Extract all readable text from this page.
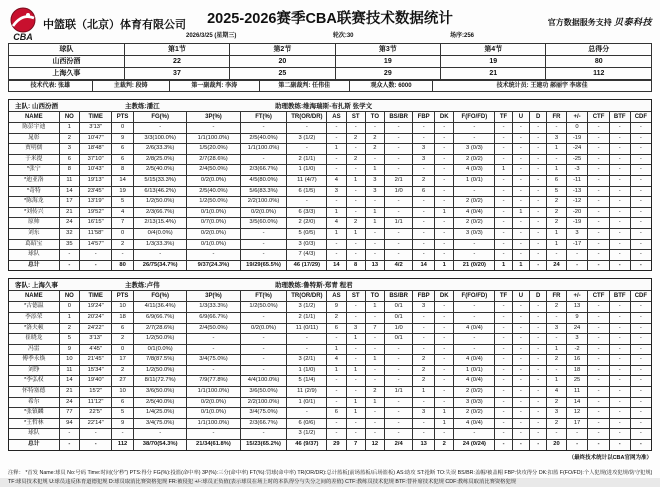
CBA
中篮联（北京）体育有限公司	2025-2026赛季CBA联赛技术数据统计
2026/3/25 (星期三)	轮次:30	场序:256
官方数据服务支持 贝泰科技
球队	第1节	第2节	第3节	第4节	总得分
山西汾酒	22	20	19	19	80
上海久事	37	25	29	21	112
技术代表: 张雄	主裁判: 段铸	第一副裁判: 李涛	第二副裁判: 任伟佳	观众人数: 6000	技术统计员: 王建功 郝丽宇 李席佳
主队: 山西汾酒	主教练:潘江	助理教练:维海瑞斯-布扎斯 张学文
NAME	NO	TIME	PTS	FG(%)	3P(%)	FT(%)	TR(OR/DR)	AS	ST	TO	BS/BR	FBP	DK	F(FO/FD)	TF	U	D	FR	+/-	CTF	BTF	CDF
陈彭宇迪	1	3'13"	0	-	-	-	-	-	-	-	-	-	-	-	-	-	-	-	0	-	-	-
晁彰	2	10'47"	9	3/3(100.0%)	1/1(100.0%)	2/5(40.0%)	3 (1/2)	-	2	2	-	-	-	-	-	-	-	3	-19	-	-	-
贾明儒	3	18'48"	6	2/6(33.3%)	1/5(20.0%)	1/1(100.0%)	-	1	-	2	-	3	-	3 (0/3)	-	-	-	1	-24	-	-	-
于米提	6	37'10"	6	2/8(25.0%)	2/7(28.6%)	-	2 (1/1)	-	2	-	-	3	-	2 (0/2)	-	-	-	-	-25	-	-	-
*张宁	8	10'43"	8	2/5(40.0%)	2/4(50.0%)	2/3(66.7%)	1 (1/0)	-	-	1	-	-	-	4 (0/3)	1	-	-	1	-3	-	-	-
*迪亚洛	11	19'13"	14	5/15(33.3%)	0/2(0.0%)	4/5(80.0%)	11 (4/7)	4	1	3	2/1	2	-	1 (0/1)	-	-	-	6	-11	-	-	-
*奇特	14	23'45"	19	6/13(46.2%)	2/5(40.0%)	5/6(83.3%)	6 (1/5)	3	-	3	1/0	6	-	-	-	-	-	5	-13	-	-	-
*陈海龙	17	13'19"	5	1/2(50.0%)	1/2(50.0%)	2/2(100.0%)	-	-	-	-	-	-	-	2 (0/2)	-	-	-	2	-12	-	-	-
*刘传兴	21	19'52"	4	2/3(66.7%)	0/1(0.0%)	0/2(0.0%)	6 (3/3)	1	-	1	-	-	1	4 (0/4)	-	1	-	2	-20	-	-	-
原帅	24	16'15"	7	2/13(15.4%)	0/7(0.0%)	3/5(60.0%)	2 (2/0)	4	2	1	1/1	-	-	2 (0/2)	-	-	-	2	-19	-	-	-
刘东	32	11'58"	0	0/4(0.0%)	0/2(0.0%)	-	5 (0/5)	1	1	-	-	-	-	3 (0/3)	-	-	-	1	3	-	-	-
葛昭宝	35	14'57"	2	1/3(33.3%)	0/1(0.0%)	-	3 (0/3)	-	-	-	-	-	-	-	-	-	-	1	-17	-	-	-
球队	-	-	-	-	-	-	7 (4/3)	-	-	-	-	-	-	-	-	-	-	-	-	-	-	-
总计	-	-	80	26/75(34.7%)	9/37(24.3%)	19/29(65.5%)	46 (17/29)	14	8	13	4/2	14	1	21 (0/20)	1	1	-	24	-	-	-	-
客队: 上海久事	主教练:卢伟	助理教练:鲁特斯-郑青 程君
NAME	NO	TIME	PTS	FG(%)	3P(%)	FT(%)	TR(OR/DR)	AS	ST	TO	BS/BR	FBP	DK	F(FO/FD)	TF	U	D	FR	+/-	CTF	BTF	CDF
*古德温	0	19'24"	10	4/11(36.4%)	1/3(33.3%)	1/2(50.0%)	3 (1/2)	9	-	1	0/1	3	-	-	-	-	-	2	13	-	-	-
李添荣	1	20'24"	18	6/9(66.7%)	6/9(66.7%)	-	2 (1/1)	2	-	-	0/1	-	-	-	-	-	-	-	9	-	-	-
*洛夫顿	2	24'22"	6	2/7(28.6%)	2/4(50.0%)	0/2(0.0%)	11 (0/11)	6	3	7	1/0	-	-	4 (0/4)	-	-	-	3	24	-	-	-
崔晓龙	5	3'13"	2	1/2(50.0%)	-	-	-	-	1	-	0/1	-	-	-	-	-	-	-	3	-	-	-
冯雷	9	4'45"	0	0/1(0.0%)	-	-	-	1	-	-	-	-	-	-	-	-	-	1	-2	-	-	-
傅季永焕	10	21'45"	17	7/8(87.5%)	3/4(75.0%)	-	3 (2/1)	4	-	1	-	2	-	4 (0/4)	-	-	-	2	16	-	-	-
刘铮	11	15'34"	2	1/2(50.0%)	-	-	1 (1/0)	1	1	-	-	2	-	1 (0/1)	-	-	-	-	18	-	-	-
*李弘权	14	19'40"	27	8/11(72.7%)	7/9(77.8%)	4/4(100.0%)	5 (1/4)	-	-	-	-	2	-	4 (0/4)	-	-	-	1	25	-	-	-
怀特塞德	21	15'2"	10	3/6(50.0%)	1/1(100.0%)	3/6(50.0%)	11 (2/9)	-	-	2	1/1	1	-	2 (0/2)	-	-	-	4	11	-	-	-
希尔	24	11'12"	6	2/5(40.0%)	0/2(0.0%)	2/2(100.0%)	1 (0/1)	-	1	1	-	-	-	3 (0/3)	-	-	-	2	14	-	-	-
*张镇麟	77	22'5"	5	1/4(25.0%)	0/1(0.0%)	3/4(75.0%)	-	6	1	-	-	3	1	2 (0/2)	-	-	-	3	12	-	-	-
*王哲林	94	22'14"	9	3/4(75.0%)	1/1(100.0%)	2/3(66.7%)	6 (0/6)	-	-	-	-	-	1	4 (0/4)	-	-	-	2	17	-	-	-
球队	-	-	-	-	-	-	3 (1/2)	-	-	-	-	-	-	-	-	-	-	-	-	-	-	-
总计	-	-	112	38/70(54.3%)	21/34(61.8%)	15/23(65.2%)	46 (9/37)	29	7	12	2/4	13	2	24 (0/24)	-	-	-	20	-	-	-	-
（最终技术统计以CBA官网为准）
注释： *首发 Name:球员 No:号码 Time:时间(分'秒") PTS:得分 FG(%):投篮(命中率) 3P(%):三分(命中率) FT(%):罚球(命中率) TR(OR/DR):总计篮板(前场篮板/后场篮板) AS:助攻 ST:抢断 TO:失误 BS/BR:盖帽/被盖帽 FBP:快攻得分 DK:扣篮 F(FO/FD):个人犯规(进攻犯规/防守犯规)
TF:球员技术犯规 U:球员违反体育道德犯规 D:球员取消比赛资格犯规 FR:被侵犯 +/-:球员正负值(表示球员在场上时的本队得分与失分之间的差值) CTF:教练员技术犯规 BTF:替补席技术犯规 CDF:教练员取消比赛资格犯规
